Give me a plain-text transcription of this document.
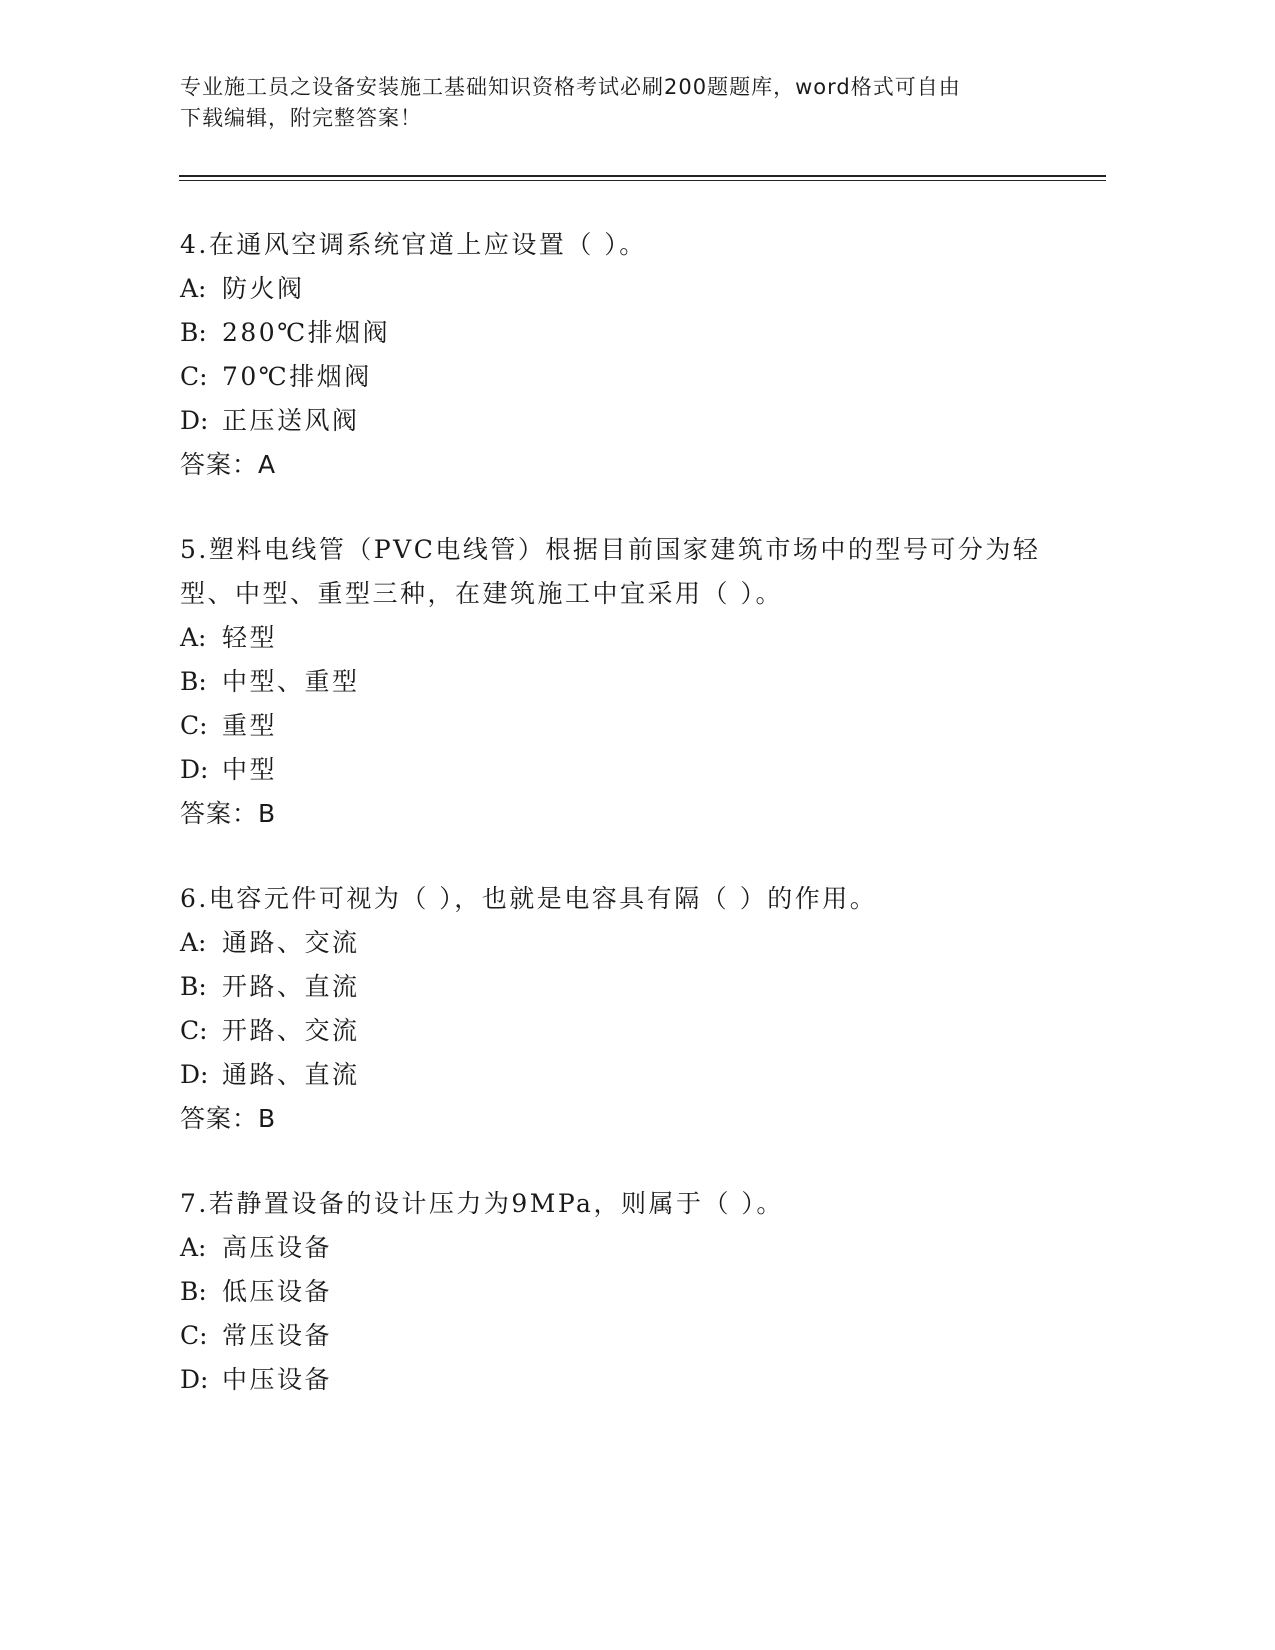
专业施工员之设备安装施工基础知识资格考试必刷200题题库，word格式可自由
下载编辑，附完整答案！
4.在通风空调系统官道上应设置（ ）。
A: 防火阀
B: 280℃排烟阀
C: 70℃排烟阀
D: 正压送风阀
答案：A
5.塑料电线管（PVC电线管）根据目前国家建筑市场中的型号可分为轻
型、中型、重型三种，在建筑施工中宜采用（ ）。
A: 轻型
B: 中型、重型
C: 重型
D: 中型
答案：B
6.电容元件可视为（ ），也就是电容具有隔（ ）的作用。
A: 通路、交流
B: 开路、直流
C: 开路、交流
D: 通路、直流
答案：B
7.若静置设备的设计压力为9MPa，则属于（ ）。
A: 高压设备
B: 低压设备
C: 常压设备
D: 中压设备
